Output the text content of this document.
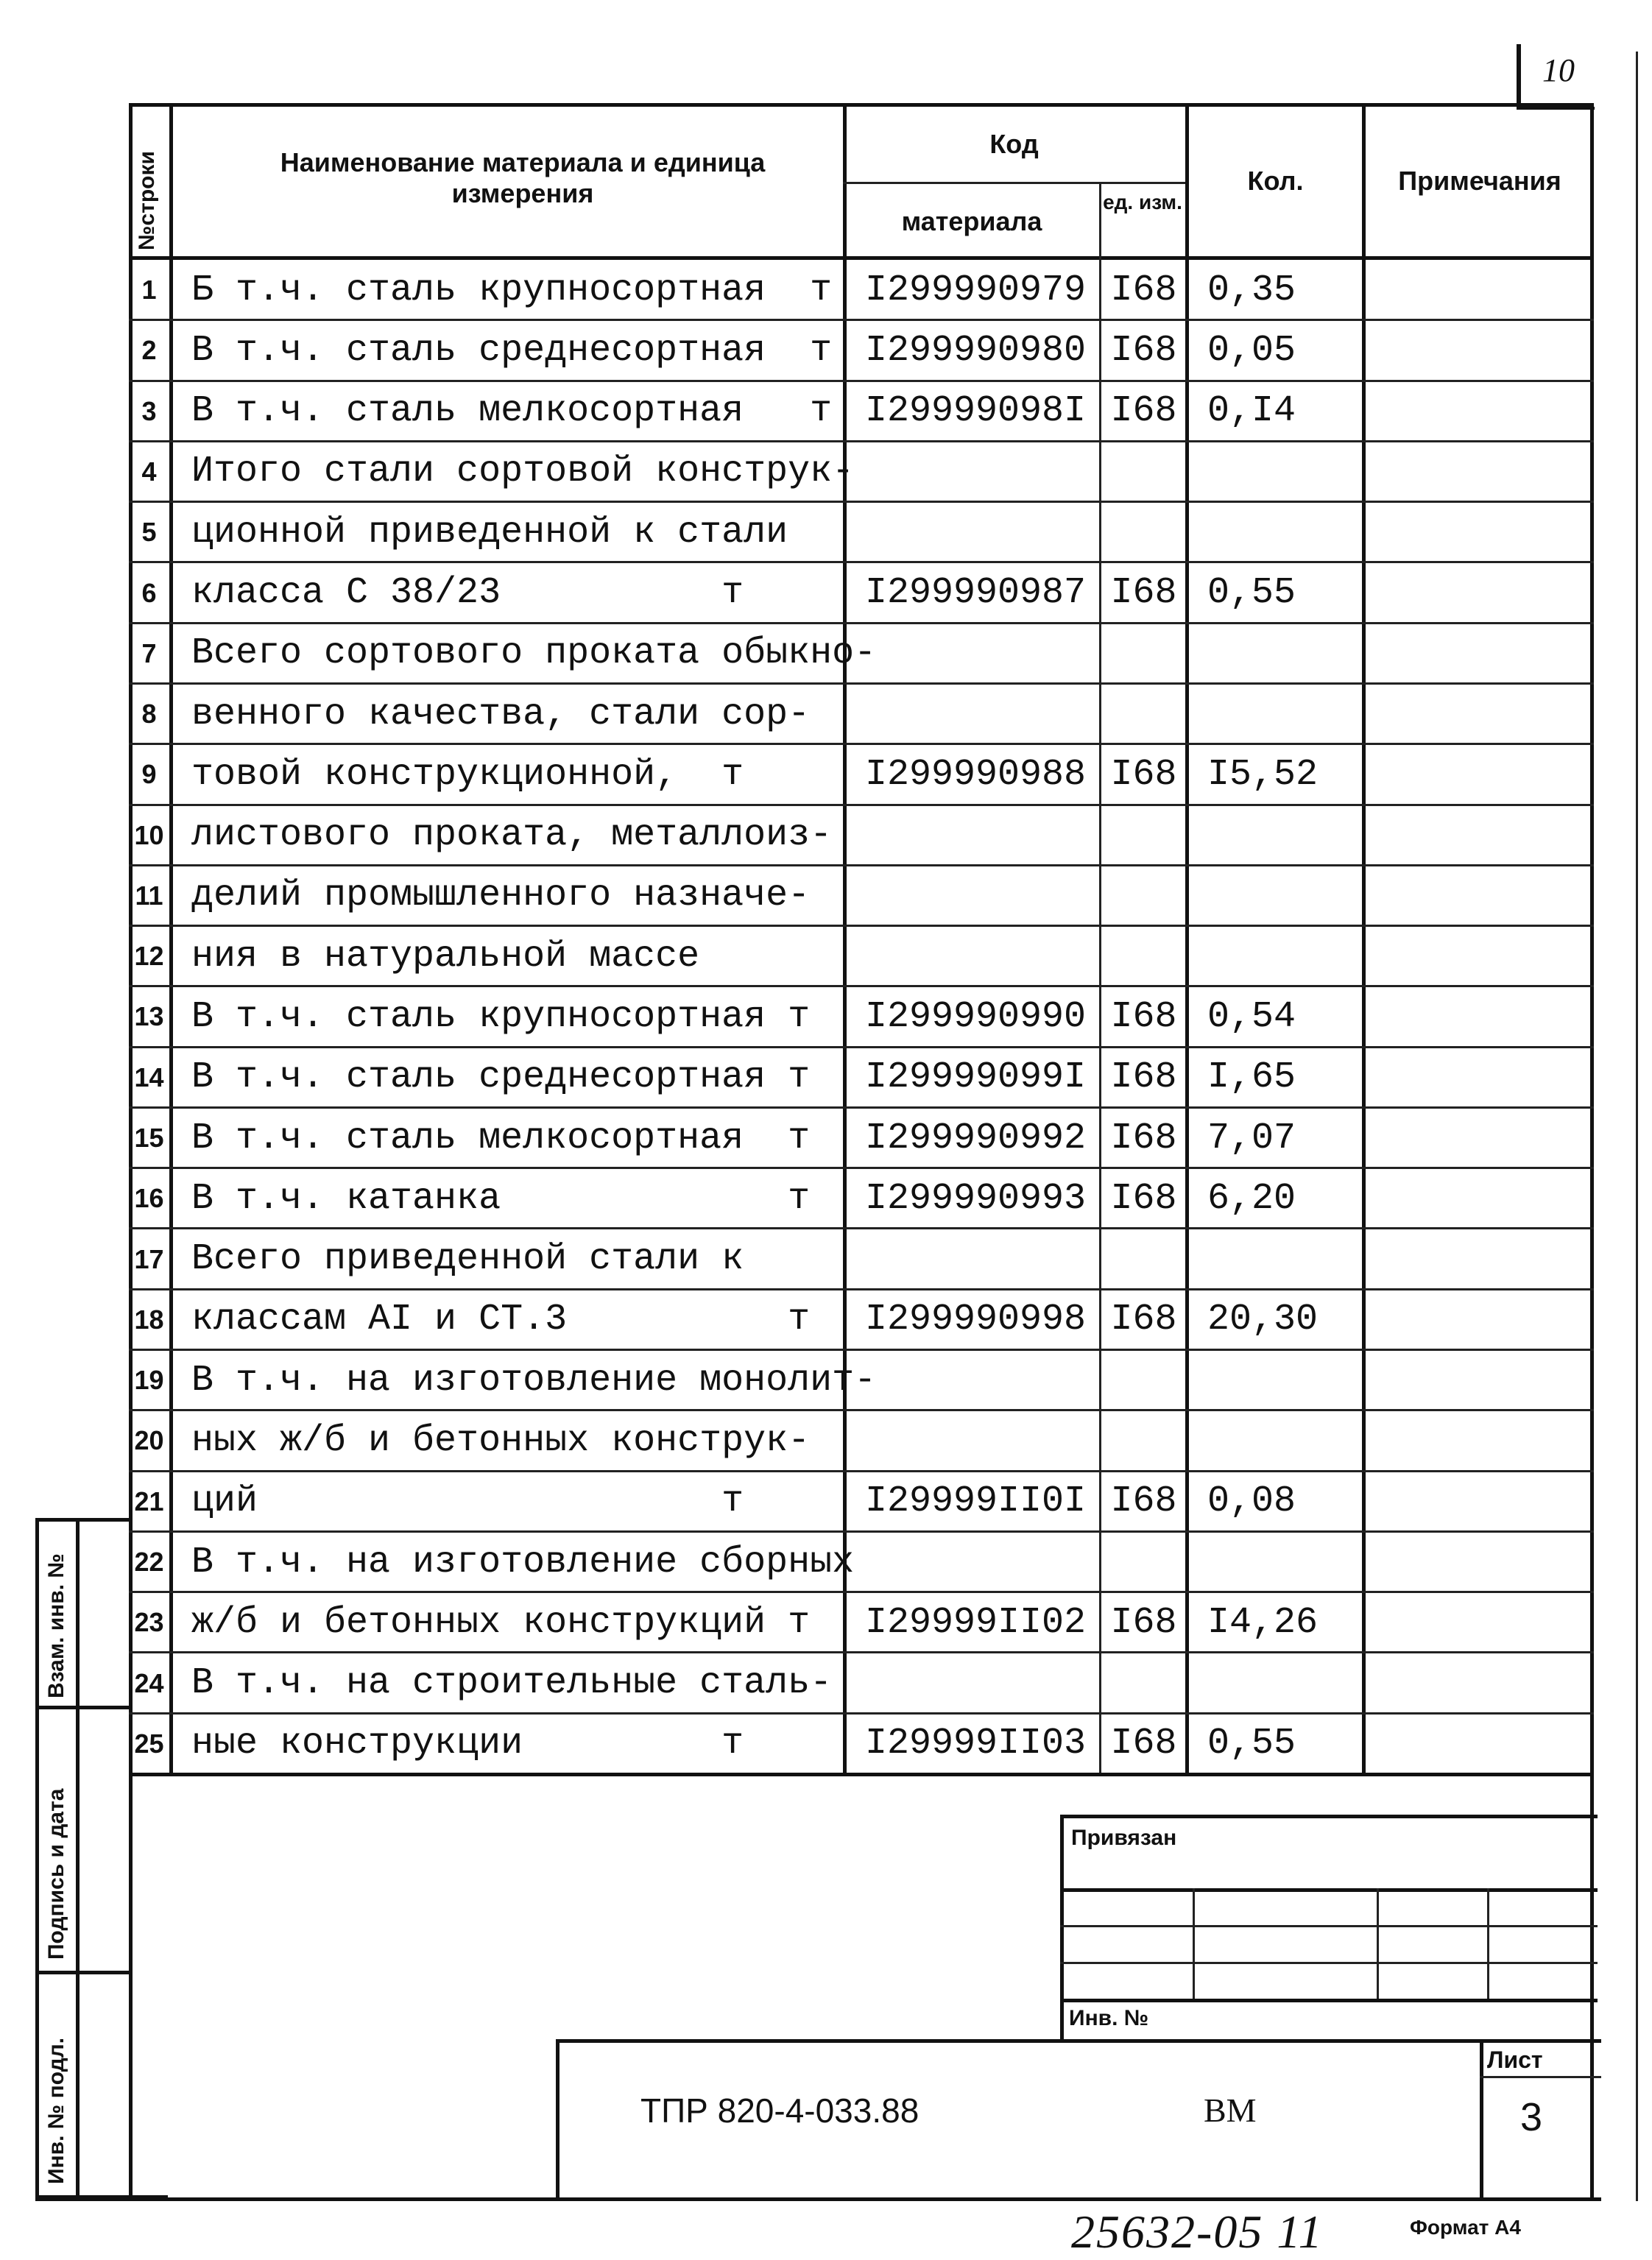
10
№строки	Наименование материала и единица измерения
Код
материала
ед. изм.
Кол.	Примечания
1 Б т.ч. сталь крупносортная  т I299990979 I68 0,35
2 В т.ч. сталь среднесортная  т I299990980 I68 0,05
3 В т.ч. сталь мелкосортная   т I29999098I I68 0,I4
4 Итого стали сортовой конструк-
5 ционной приведенной к стали
6 класса С 38/23          т	I299990987 I68 0,55
7 Всего сортового проката обыкно-
8 венного качества, стали сор-
9 товой конструкционной,  т	I299990988 I68 I5,52
10 листового проката, металлоиз-
11 делий промышленного назначе-
12 ния в натуральной массе
13 В т.ч. сталь крупносортная т	I299990990 I68 0,54
14 В т.ч. сталь среднесортная т	I29999099I I68 I,65
15 В т.ч. сталь мелкосортная  т	I299990992 I68 7,07
16 В т.ч. катанка             т	I299990993 I68 6,20
17 Всего приведенной стали к
18 классам AI и СТ.3          т	I299990998 I68 20,30
19 В т.ч. на изготовление монолит-
20 ных ж/б и бетонных конструк-
21 ций                     т	I29999II0I I68 0,08
22 В т.ч. на изготовление сборных
23 ж/б и бетонных конструкций т	I29999II02 I68 I4,26
24 В т.ч. на строительные сталь-
25 ные конструкции         т	I29999II03 I68 0,55
Взам. инв. №
Подпись и дата
Инв. № подл.
Привязан
Инв. №
ТПР 820-4-033.88	ВМ
Лист
3
25632-05 11	Формат А4
